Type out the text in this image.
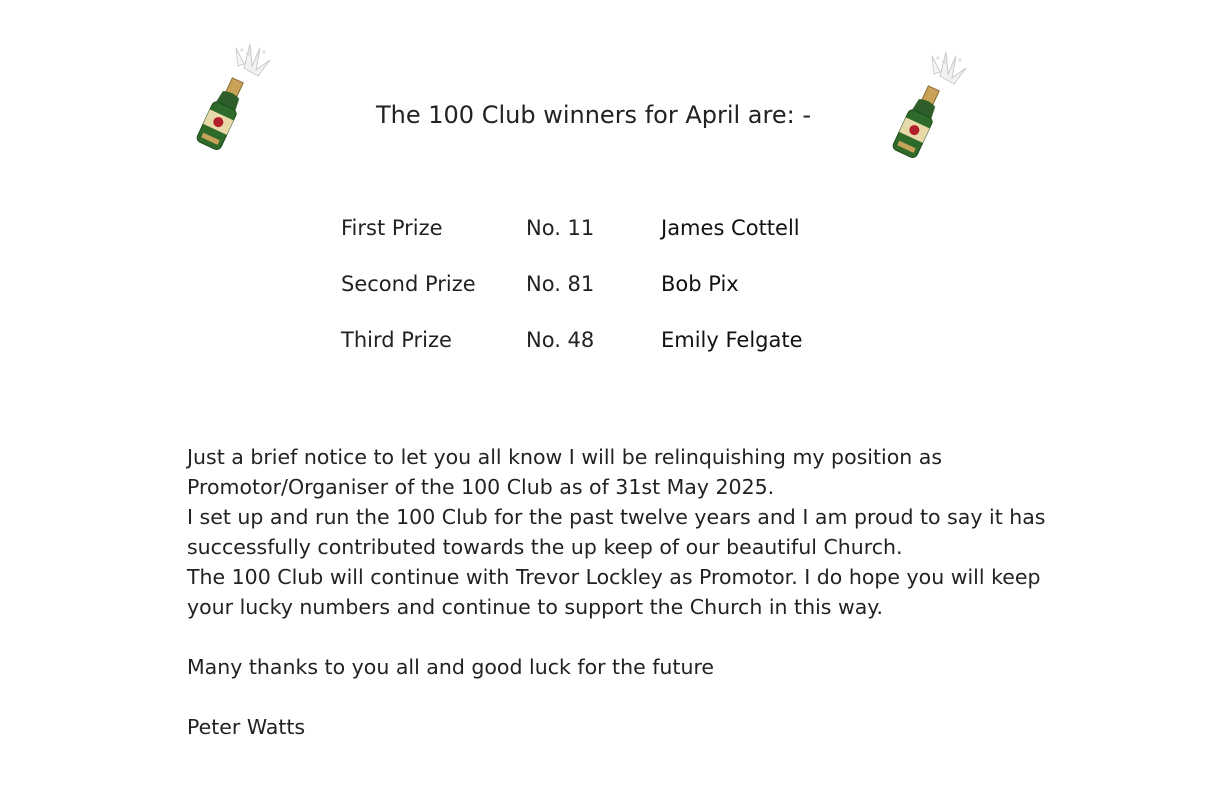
The 100 Club winners for April are: -
First Prize	No. 11	James Cottell
Second Prize No. 81	Bob Pix
Third Prize	No. 48	Emily Felgate

Just a brief notice to let you all know I will be relinquishing my position as

Promotor/Organiser of the 100 Club as of 31st May 2025.

I set up and run the 100 Club for the past twelve years and I am proud to say it has

successfully contributed towards the up keep of our beautiful Church.

The 100 Club will continue with Trevor Lockley as Promotor. I do hope you will keep

your lucky numbers and continue to support the Church in this way.

Many thanks to you all and good luck for the future

Peter Watts
